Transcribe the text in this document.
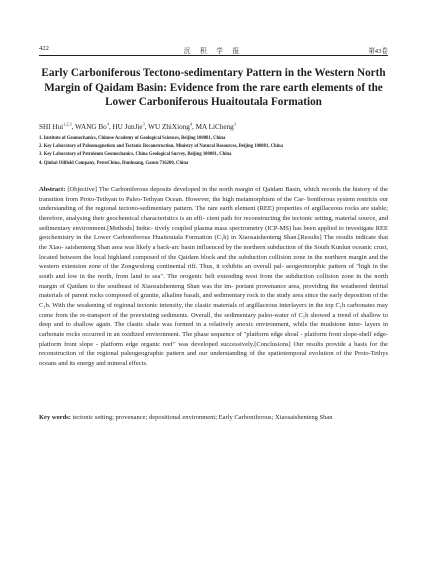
422	沉 积 学 报	第43卷
Early Carboniferous Tectono-sedimentary Pattern in the Western North Margin of Qaidam Basin: Evidence from the rare earth elements of the Lower Carboniferous Huaitoutala Formation
SHI Hui$^{1,2,3}$, WANG Bo$^4$, HU JunJie$^3$, WU ZhiXiong$^4$, MA LiCheng$^3$
1. Institute of Geomechanics, Chinese Academy of Geological Sciences, Beijing 100081, China
2. Key Laboratory of Paleomagnetism and Tectonic Reconstruction, Ministry of Natural Resources, Beijing 100081, China
3. Key Laboratory of Petroleum Geomechanics, China Geological Survey, Beijing 100081, China
4. Qinhai Oilfield Company, PetroChina, Dunhuang, Gansu 736200, China
Abstract: [Objective] The Carboniferous deposits developed in the north margin of Qaidam Basin, which records the history of the transition from Proto-Tethyan to Paleo-Tethyan Ocean. However, the high metamorphism of the Car- boniferous system restricts our understanding of the regional tectono-sedimentary pattern. The rare earth element (REE) properties of argillaceous rocks are stable; therefore, analysing their geochemical characteristics is an effi- cient path for reconstructing the tectonic setting, material source, and sedimentary environment.[Methods] Induc- tively coupled plasma mass spectrometry (ICP-MS) has been applied to investigate REE geochemistry in the Lower Carboniferous Huaitoutala Formation (C₁h) in Xiaosaishenteng Shan.[Results] The results indicate that the Xiao- saishenteng Shan area was likely a back-arc basin influenced by the northern subduction of the South Kunlun oceanic crust, located between the local highland composed of the Qaidam block and the subduction collision zone in the northern margin and the western extension zone of the Zongwulong continental rift. Thus, it exhibits an overall pal- aeogeomorphic pattern of "high in the south and low in the north, from land to sea". The orogenic belt extending west from the subduction collision zone in the north margin of Qaidam to the southeast of Xiaosaishenteng Shan was the im- portant provenance area, providing the weathered detrital materials of parent rocks composed of granite, alkaline basalt, and sedimentary rock to the study area since the early deposition of the C₁h. With the weakening of regional tectonic intensity, the clastic materials of argillaceous interlayers in the top C₁h carbonates may come from the re-transport of the preexisting sediments. Overall, the sedimentary paleo-water of C₁h showed a trend of shallow to deep and to shallow again. The clastic shale was formed in a relatively anoxic environment, while the mudstone inter- layers in carbonate rocks occurred in an oxidized environment. The phase sequence of "platform edge shoal - platform front slope-shelf edge- platform front slope - platform edge organic reef" was developed successively.[Conclusions] Our results provide a basis for the reconstruction of the regional paleogeographic pattern and our understanding of the spatiotemporal evolution of the Proto-Tethys oceans and its energy and mineral effects.
Key words: tectonic setting; provenance; depositional environment; Early Carboniferous; Xiaosaishenteng Shan
